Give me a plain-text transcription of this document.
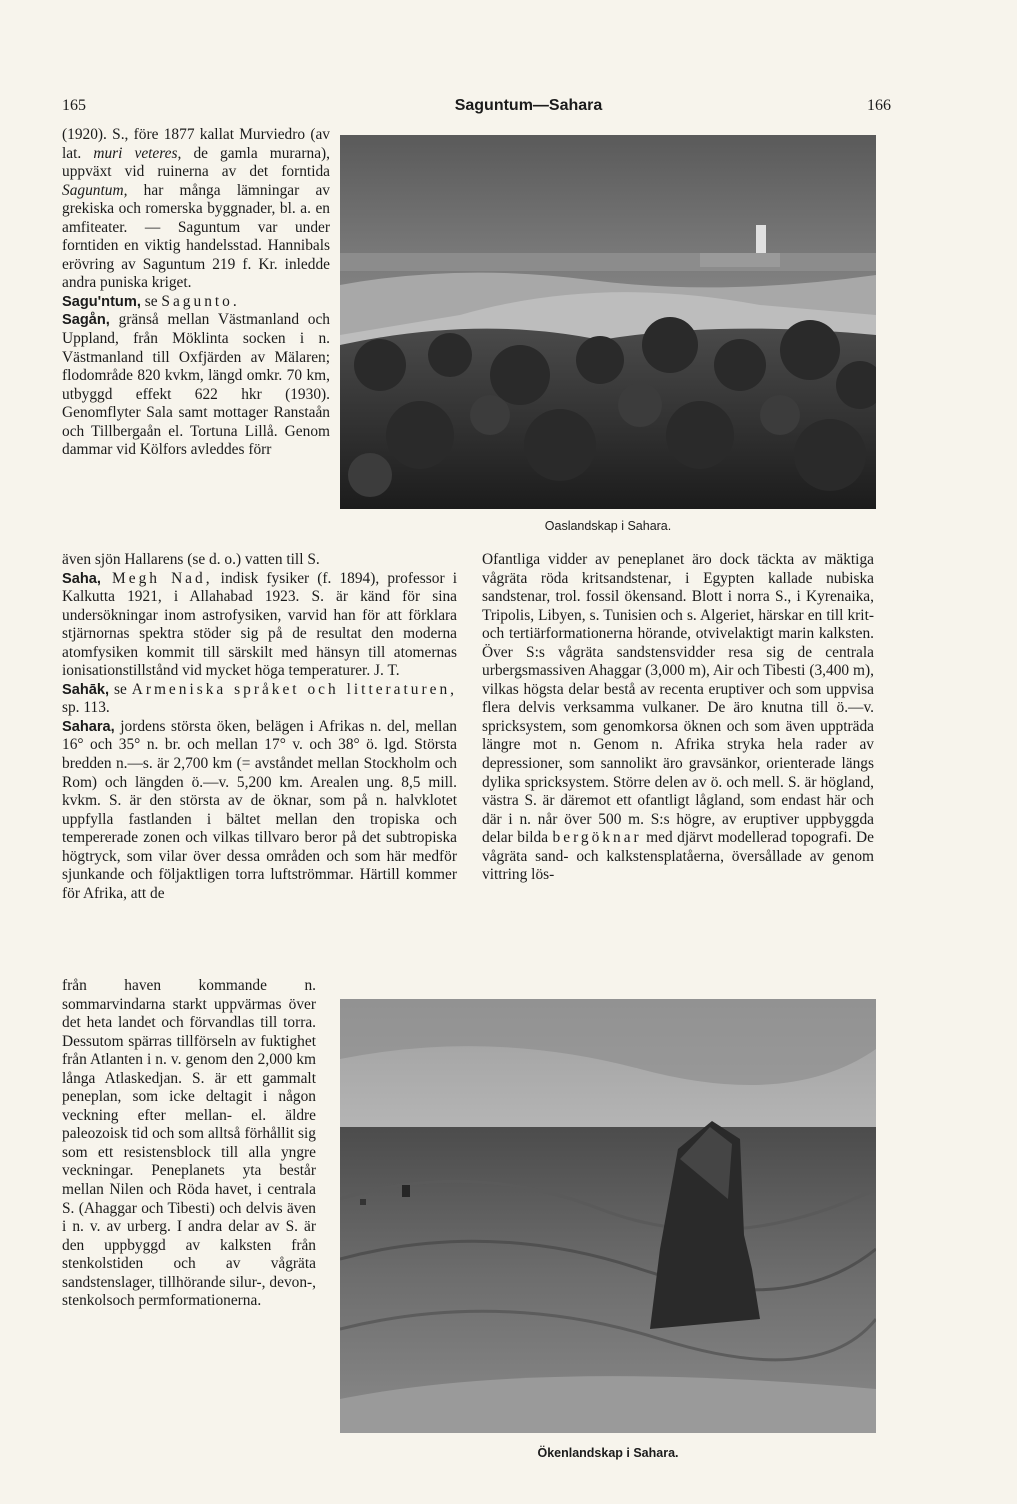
165	Saguntum—Sahara	166

(1920). S., före 1877 kallat Murviedro (av lat. muri veteres, de gamla murarna), uppväxt vid ruinerna av det forntida Saguntum, har många lämningar av grekiska och romerska byggnader, bl. a. en amfiteater. — Saguntum var under forntiden en viktig handelsstad. Hannibals erövring av Saguntum 219 f. Kr. inledde andra puniska kriget.

Sagu'ntum, se Sagunto.

Sagån, gränså mellan Västmanland och Uppland, från Möklinta socken i n. Västmanland till Oxfjärden av Mälaren; flodområde 820 kvkm, längd omkr. 70 km, utbyggd effekt 622 hkr (1930). Genomflyter Sala samt mottager Ranstaån och Tillbergaån el. Tortuna Lillå. Genom dammar vid Kölfors avleddes förr

Oaslandskap i Sahara.

även sjön Hallarens (se d. o.) vatten till S.

Saha, Megh Nad, indisk fysiker (f. 1894), professor i Kalkutta 1921, i Allahabad 1923. S. är känd för sina undersökningar inom astrofysiken, varvid han för att förklara stjärnornas spektra stöder sig på de resultat den moderna atomfysiken kommit till särskilt med hänsyn till atomernas ionisationstillstånd vid mycket höga temperaturer. J. T.

Sahāk, se Armeniska språket och litteraturen, sp. 113.

Sahara, jordens största öken, belägen i Afrikas n. del, mellan 16° och 35° n. br. och mellan 17° v. och 38° ö. lgd. Största bredden n.—s. är 2,700 km (= avståndet mellan Stockholm och Rom) och längden ö.—v. 5,200 km. Arealen ung. 8,5 mill. kvkm. S. är den största av de öknar, som på n. halvklotet uppfylla fastlanden i bältet mellan den tropiska och tempererade zonen och vilkas tillvaro beror på det subtropiska högtryck, som vilar över dessa områden och som här medför sjunkande och följaktligen torra luftströmmar. Härtill kommer för Afrika, att de

från haven kommande n. sommarvindarna starkt uppvärmas över det heta landet och förvandlas till torra. Dessutom spärras tillförseln av fuktighet från Atlanten i n. v. genom den 2,000 km långa Atlaskedjan. S. är ett gammalt peneplan, som icke deltagit i någon veckning efter mellan- el. äldre paleozoisk tid och som alltså förhållit sig som ett resistensblock till alla yngre veckningar. Peneplanets yta består mellan Nilen och Röda havet, i centrala S. (Ahaggar och Tibesti) och delvis även i n. v. av urberg. I andra delar av S. är den uppbyggd av kalksten från stenkolstiden och av vågräta sandstenslager, tillhörande silur-, devon-, stenkolsoch permformationerna.

Ofantliga vidder av peneplanet äro dock täckta av mäktiga vågräta röda kritsandstenar, i Egypten kallade nubiska sandstenar, trol. fossil ökensand. Blott i norra S., i Kyrenaika, Tripolis, Libyen, s. Tunisien och s. Algeriet, härskar en till krit- och tertiärformationerna hörande, otvivelaktigt marin kalksten. Över S:s vågräta sandstensvidder resa sig de centrala urbergsmassiven Ahaggar (3,000 m), Air och Tibesti (3,400 m), vilkas högsta delar bestå av recenta eruptiver och som uppvisa flera delvis verksamma vulkaner. De äro knutna till ö.—v. spricksystem, som genomkorsa öknen och som även uppträda längre mot n. Genom n. Afrika stryka hela rader av depressioner, som sannolikt äro gravsänkor, orienterade längs dylika spricksystem. Större delen av ö. och mell. S. är högland, västra S. är däremot ett ofantligt lågland, som endast här och där i n. når över 500 m. S:s högre, av eruptiver uppbyggda delar bilda bergöknar med djärvt modellerad topografi. De vågräta sand- och kalkstensplatåerna, översållade av genom vittring lös-

Ökenlandskap i Sahara.
